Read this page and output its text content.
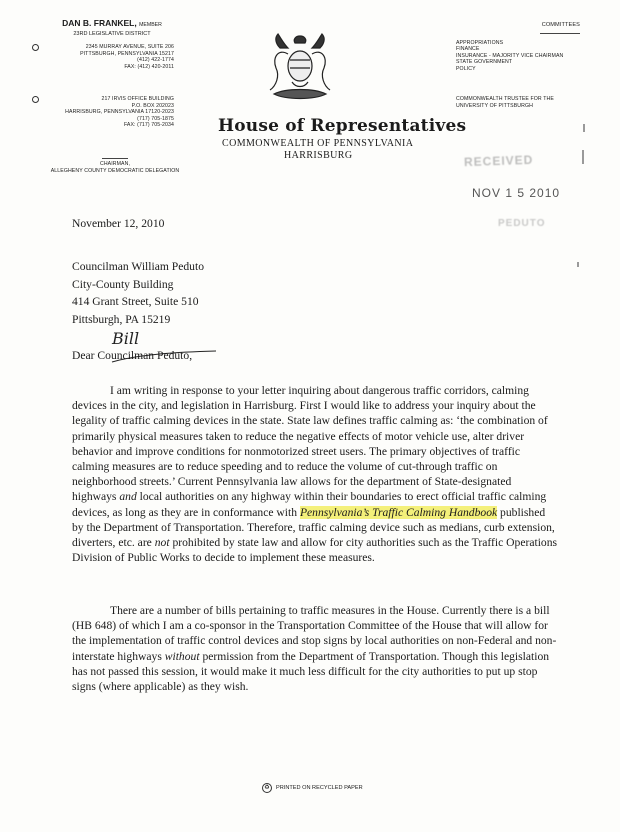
DAN B. FRANKEL, MEMBER
23RD LEGISLATIVE DISTRICT
2345 MURRAY AVENUE, SUITE 206
PITTSBURGH, PENNSYLVANIA 15217
(412) 422-1774
FAX: (412) 420-2011
217 IRVIS OFFICE BUILDING
P.O. BOX 202023
HARRISBURG, PENNSYLVANIA 17120-2023
(717) 705-1875
FAX: (717) 705-2034
CHAIRMAN,
ALLEGHENY COUNTY DEMOCRATIC DELEGATION
House of Representatives
COMMONWEALTH OF PENNSYLVANIA
HARRISBURG
COMMITTEES
APPROPRIATIONS
FINANCE
INSURANCE - MAJORITY VICE CHAIRMAN
STATE GOVERNMENT
POLICY
COMMONWEALTH TRUSTEE FOR THE
UNIVERSITY OF PITTSBURGH
RECEIVED
NOV 1 5 2010
PEDUTO
November 12, 2010
Councilman William Peduto
City-County Building
414 Grant Street, Suite 510
Pittsburgh, PA 15219
Bill
Dear Councilman Peduto,

I am writing in response to your letter inquiring about dangerous traffic corridors, calming devices in the city, and legislation in Harrisburg. First I would like to address your inquiry about the legality of traffic calming devices in the state. State law defines traffic calming as: ‘the combination of primarily physical measures taken to reduce the negative effects of motor vehicle use, alter driver behavior and improve conditions for nonmotorized street users. The primary objectives of traffic calming measures are to reduce speeding and to reduce the volume of cut-through traffic on neighborhood streets.’ Current Pennsylvania law allows for the department of State-designated highways and local authorities on any highway within their boundaries to erect official traffic calming devices, as long as they are in conformance with Pennsylvania’s Traffic Calming Handbook published by the Department of Transportation. Therefore, traffic calming device such as medians, curb extension, diverters, etc. are not prohibited by state law and allow for city authorities such as the Traffic Operations Division of Public Works to decide to implement these measures.

There are a number of bills pertaining to traffic measures in the House. Currently there is a bill (HB 648) of which I am a co-sponsor in the Transportation Committee of the House that will allow for the implementation of traffic control devices and stop signs by local authorities on non-Federal and non-interstate highways without permission from the Department of Transportation. Though this legislation has not passed this session, it would make it much less difficult for the city authorities to put up stop signs (where applicable) as they wish.

♻	PRINTED ON RECYCLED PAPER
